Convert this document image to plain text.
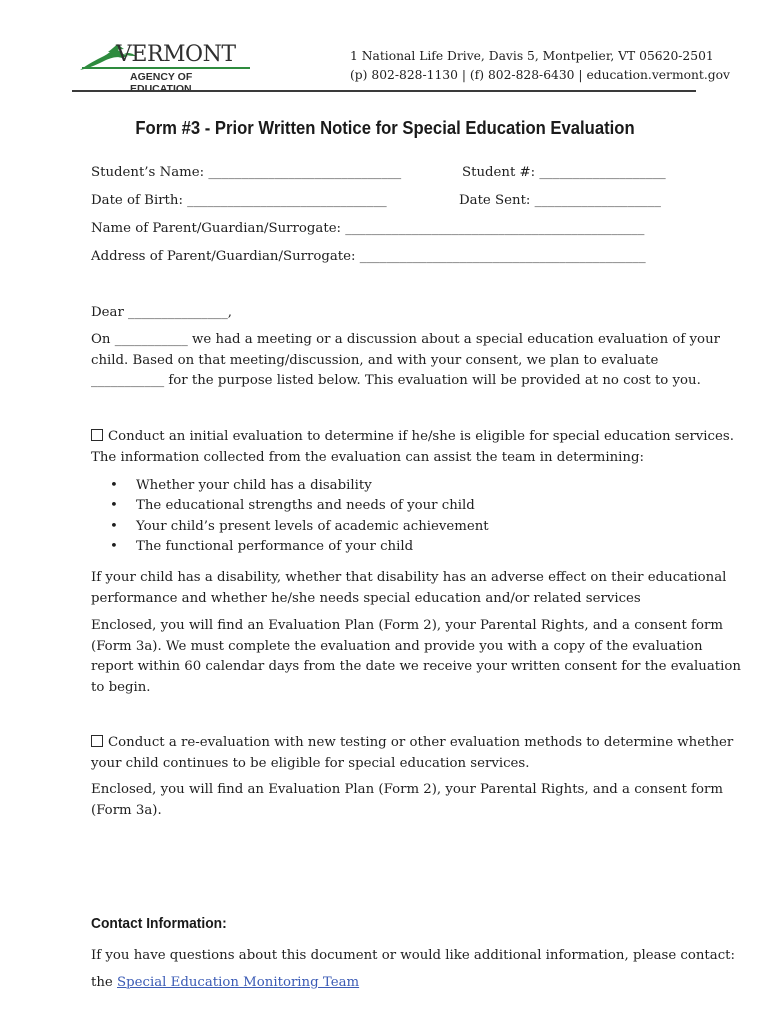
VERMONT
AGENCY OF EDUCATION
1 National Life Drive, Davis 5, Montpelier, VT 05620-2501
(p) 802-828-1130 | (f) 802-828-6430 | education.vermont.gov
Form #3 - Prior Written Notice for Special Education Evaluation
Student’s Name: _____________________________	Student #: ___________________
Date of Birth: ______________________________	Date Sent: ___________________
Name of Parent/Guardian/Surrogate: _____________________________________________
Address of Parent/Guardian/Surrogate: ___________________________________________
Dear _______________,
On ___________ we had a meeting or a discussion about a special education evaluation of your
child. Based on that meeting/discussion, and with your consent, we plan to evaluate
___________ for the purpose listed below. This evaluation will be provided at no cost to you.
Conduct an initial evaluation to determine if he/she is eligible for special education services.
The information collected from the evaluation can assist the team in determining:
• Whether your child has a disability
• The educational strengths and needs of your child
• Your child’s present levels of academic achievement
• The functional performance of your child
If your child has a disability, whether that disability has an adverse effect on their educational
performance and whether he/she needs special education and/or related services
Enclosed, you will find an Evaluation Plan (Form 2), your Parental Rights, and a consent form
(Form 3a). We must complete the evaluation and provide you with a copy of the evaluation
report within 60 calendar days from the date we receive your written consent for the evaluation
to begin.
Conduct a re-evaluation with new testing or other evaluation methods to determine whether
your child continues to be eligible for special education services.
Enclosed, you will find an Evaluation Plan (Form 2), your Parental Rights, and a consent form
(Form 3a).
Contact Information:
If you have questions about this document or would like additional information, please contact:
the Special Education Monitoring Team
